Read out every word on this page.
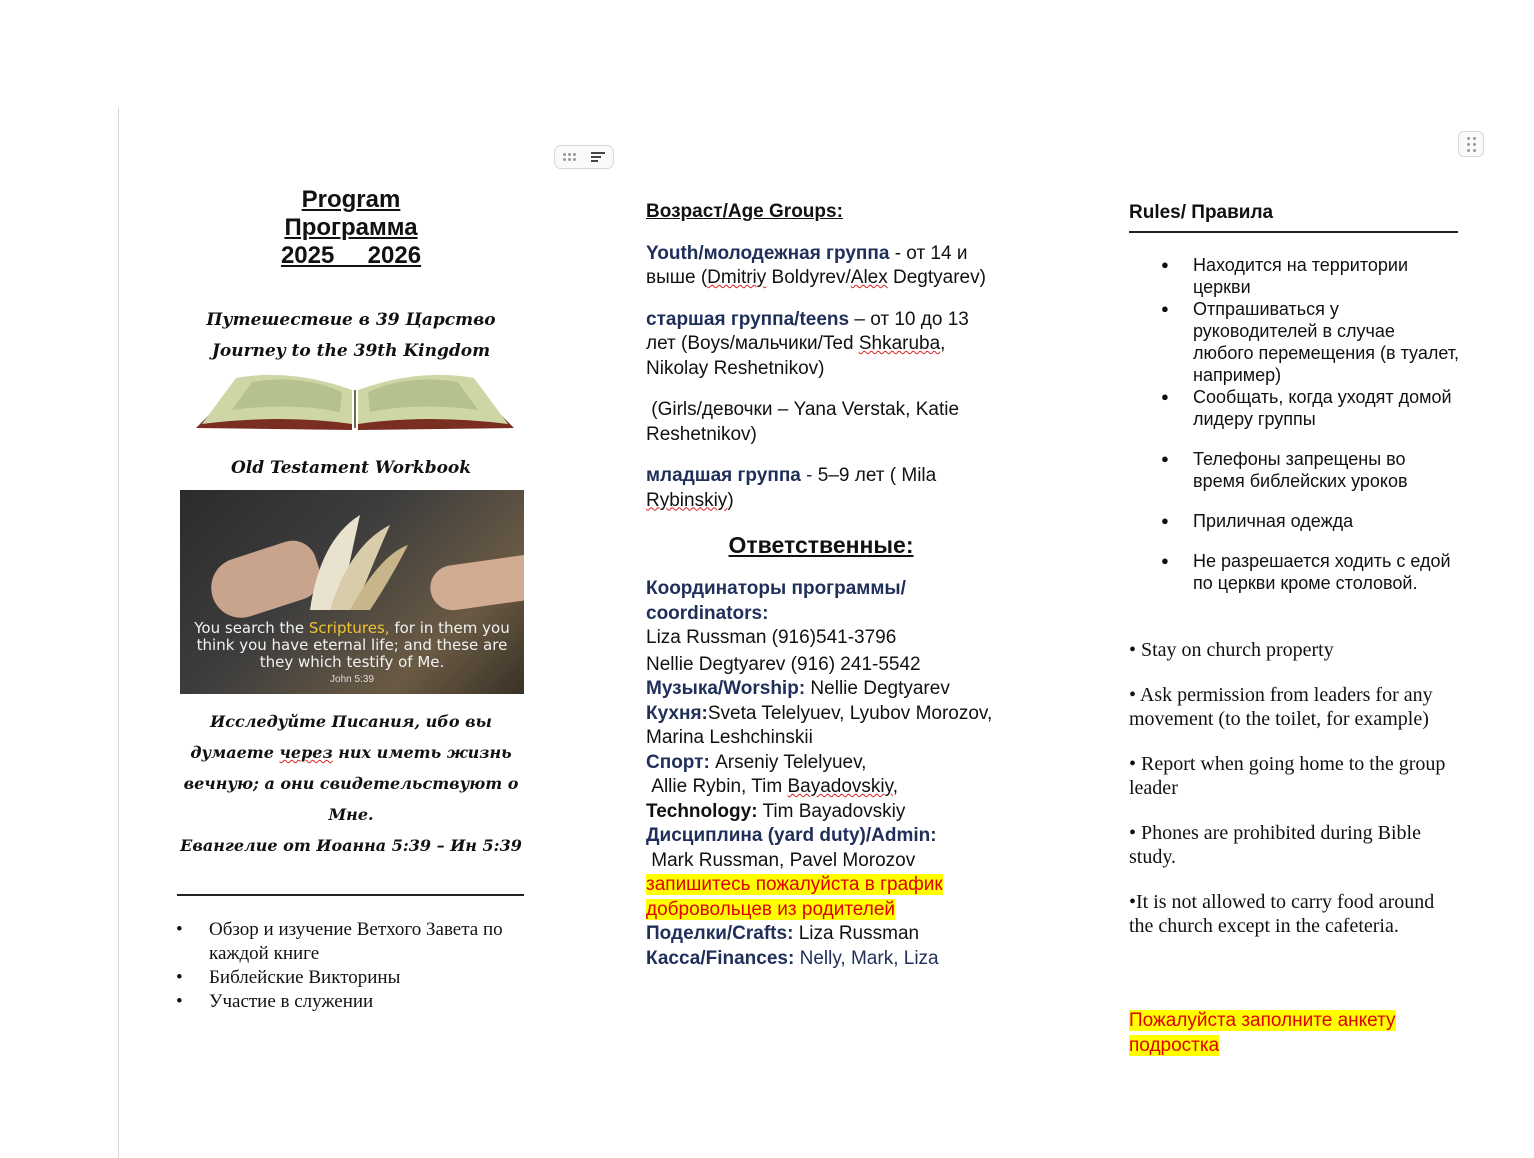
Program

Программа

2025     2026

Путешествие в 39 Царство
Journey to the 39th Kingdom
Old Testament Workbook
You search the Scriptures, for in them you think you have eternal life; and these are they which testify of Me.
John 5:39
Исследуйте Писания, ибо вы думаете через них иметь жизнь вечную; а они свидетельствуют о Мне.
Евангелие от Иоанна 5:39 – Ин 5:39
• Обзор и изучение Ветхого Завета по каждой книге
• Библейские Викторины
• Участие в служении

Возраст/Age Groups:

Youth/молодежная группа - от 14 и выше (Dmitriy Boldyrev/Alex Degtyarev)

старшая группа/teens – от 10 до 13 лет (Boys/мальчики/Ted Shkaruba, Nikolay Reshetnikov)

(Girls/девочки – Yana Verstak, Katie Reshetnikov)

младшая группа - 5–9 лет ( Mila Rybinskiy)

Ответственные:

Координаторы программы/ coordinators:

Liza Russman (916)541-3796

Nellie Degtyarev (916) 241-5542

Музыка/Worship: Nellie Degtyarev

Кухня:Sveta Telelyuev, Lyubov Morozov, Marina Leshchinskii

Спорт: Arseniy Telelyuev,
Allie Rybin, Tim Bayadovskiy,

Technology: Tim Bayadovskiy

Дисциплина (yard duty)/Admin:

Mark Russman, Pavel Morozov

запишитесь пожалуйста в график добровольцев из родителей

Поделки/Crafts: Liza Russman

Касса/Finances: Nelly, Mark, Liza

Rules/ Правила
● Находится на территории церкви
● Отпрашиваться у руководителей в случае любого перемещения (в туалет, например)
● Сообщать, когда уходят домой лидеру группы
● Телефоны запрещены во время библейских уроков
● Приличная одежда
● Не разрешается ходить с едой по церкви кроме столовой.

• Stay on church property

• Ask permission from leaders for any movement (to the toilet, for example)

• Report when going home to the group leader

• Phones are prohibited during Bible study.

•It is not allowed to carry food around the church except in the cafeteria.

Пожалуйста заполните анкету подростка
